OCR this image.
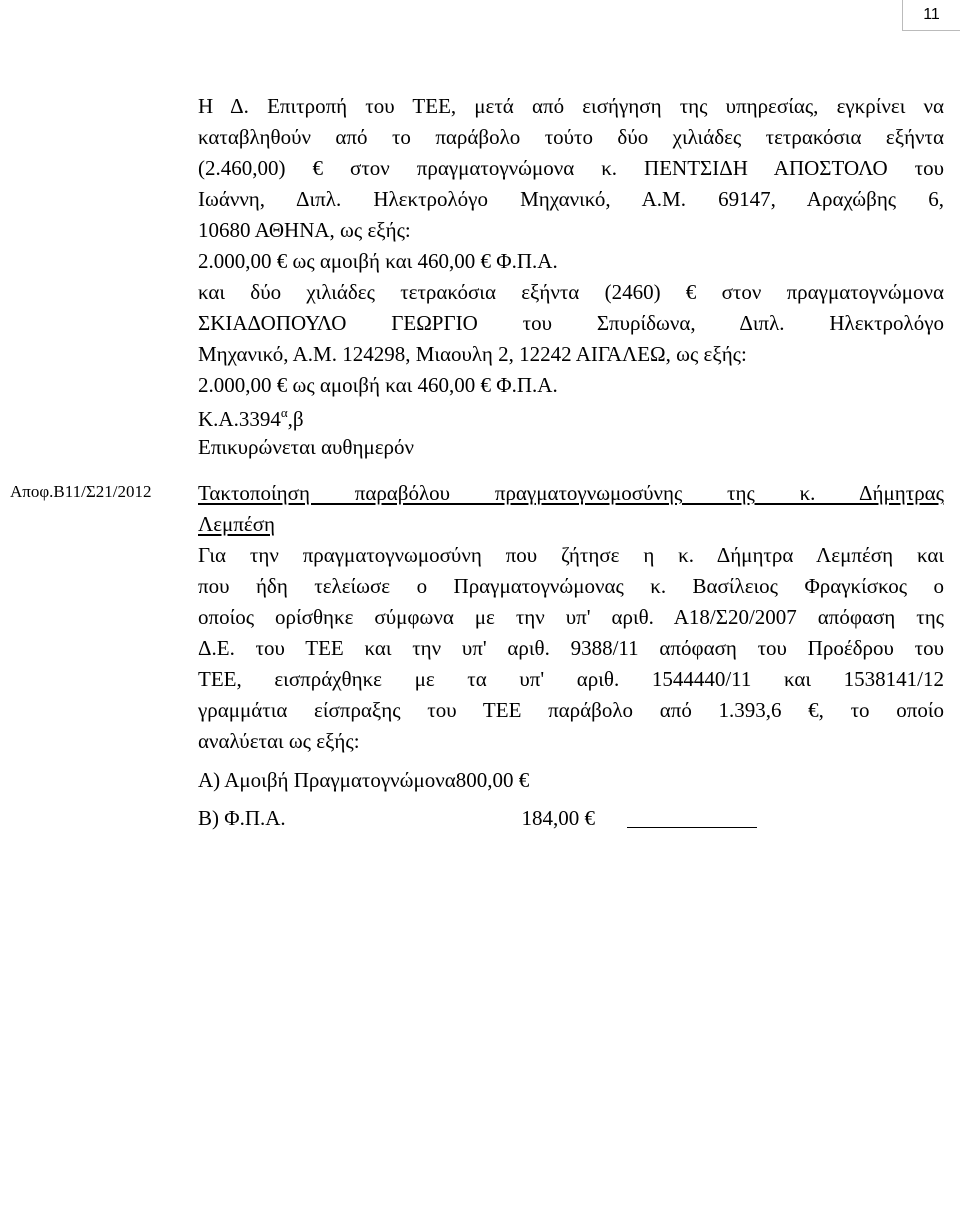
11
Η Δ. Επιτροπή του ΤΕΕ, μετά από εισήγηση της υπηρεσίας, εγκρίνει να
καταβληθούν από το παράβολο τούτο δύο χιλιάδες τετρακόσια εξήντα
(2.460,00) € στον πραγματογνώμονα κ. ΠΕΝΤΣΙΔΗ ΑΠΟΣΤΟΛΟ του
Ιωάννη, Διπλ. Ηλεκτρολόγο Μηχανικό, Α.Μ. 69147, Αραχώβης 6,
10680 ΑΘΗΝΑ, ως εξής:
2.000,00 € ως αμοιβή και 460,00 € Φ.Π.Α.
και δύο χιλιάδες τετρακόσια εξήντα (2460) € στον πραγματογνώμονα
ΣΚΙΑΔΟΠΟΥΛΟ ΓΕΩΡΓΙΟ του Σπυρίδωνα, Διπλ. Ηλεκτρολόγο
Μηχανικό, Α.Μ. 124298, Μιαουλη 2, 12242 ΑΙΓΑΛΕΩ, ως εξής:
2.000,00 € ως αμοιβή και 460,00 € Φ.Π.Α.
$K.A.3394^\alpha,\beta$
Επικυρώνεται αυθημερόν
Αποφ.Β11/Σ21/2012 Τακτοποίηση παραβόλου πραγματογνωμοσύνης της κ. Δήμητρας
Λεμπέση
Για την πραγματογνωμοσύνη που ζήτησε η κ. Δήμητρα Λεμπέση και
που ήδη τελείωσε ο Πραγματογνώμονας κ. Βασίλειος Φραγκίσκος ο
οποίος ορίσθηκε σύμφωνα με την υπ' αριθ. Α18/Σ20/2007 απόφαση της
Δ.Ε. του ΤΕΕ και την υπ' αριθ. 9388/11 απόφαση του Προέδρου του
ΤΕΕ, εισπράχθηκε με τα υπ' αριθ. 1544440/11 και 1538141/12
γραμμάτια είσπραξης του ΤΕΕ παράβολο από 1.393,6 €, το οποίο
αναλύεται ως εξής:
Α) Αμοιβή Πραγματογνώμονα800,00 €
Β) Φ.Π.Α.	184,00 €
